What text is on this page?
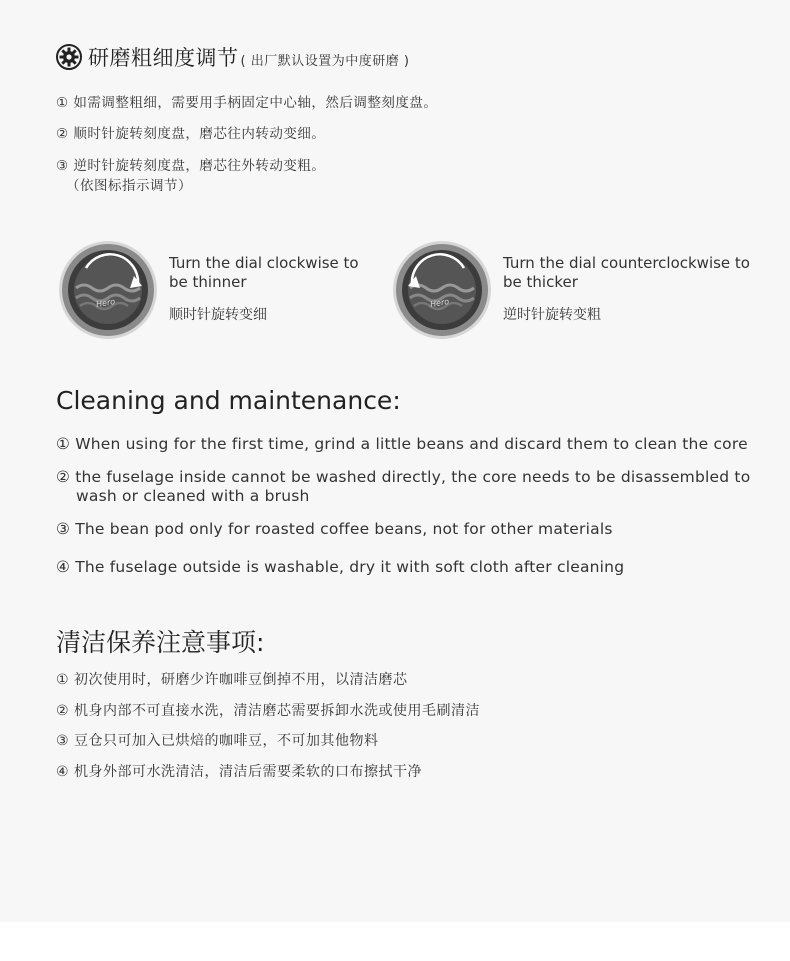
研磨粗细度调节 ( 出厂默认设置为中度研磨 )
① 如需调整粗细，需要用手柄固定中心轴，然后调整刻度盘。
② 顺时针旋转刻度盘，磨芯往内转动变细。
③ 逆时针旋转刻度盘，磨芯往外转动变粗。
（依图标指示调节）
Hero
Turn the dial clockwise to be thinner
顺时针旋转变细
Hero
Turn the dial counterclockwise to be thicker
逆时针旋转变粗
Cleaning and maintenance:
① When using for the first time, grind a little beans and discard them to clean the core
② the fuselage inside cannot be washed directly, the core needs to be disassembled to wash or cleaned with a brush
③ The bean pod only for roasted coffee beans, not for other materials
④ The fuselage outside is washable, dry it with soft cloth after cleaning
清洁保养注意事项:
① 初次使用时，研磨少许咖啡豆倒掉不用，以清洁磨芯
② 机身内部不可直接水洗，清洁磨芯需要拆卸水洗或使用毛刷清洁
③ 豆仓只可加入已烘焙的咖啡豆，不可加其他物料
④ 机身外部可水洗清洁，清洁后需要柔软的口布擦拭干净
